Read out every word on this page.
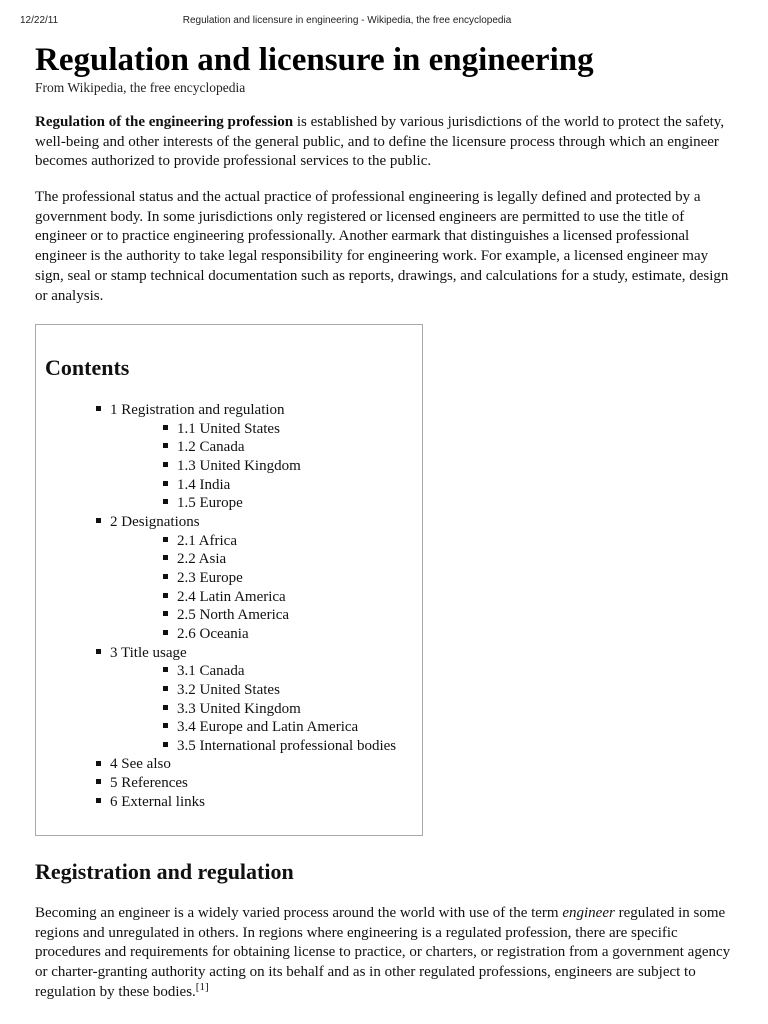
12/22/11	Regulation and licensure in engineering - Wikipedia, the free encyclopedia
Regulation and licensure in engineering
From Wikipedia, the free encyclopedia

Regulation of the engineering profession is established by various jurisdictions of the world to protect the safety, well-being and other interests of the general public, and to define the licensure process through which an engineer becomes authorized to provide professional services to the public.

The professional status and the actual practice of professional engineering is legally defined and protected by a government body. In some jurisdictions only registered or licensed engineers are permitted to use the title of engineer or to practice engineering professionally. Another earmark that distinguishes a licensed professional engineer is the authority to take legal responsibility for engineering work. For example, a licensed engineer may sign, seal or stamp technical documentation such as reports, drawings, and calculations for a study, estimate, design or analysis.

Contents
1 Registration and regulation
1.1 United States
1.2 Canada
1.3 United Kingdom
1.4 India
1.5 Europe
2 Designations
2.1 Africa
2.2 Asia
2.3 Europe
2.4 Latin America
2.5 North America
2.6 Oceania
3 Title usage
3.1 Canada
3.2 United States
3.3 United Kingdom
3.4 Europe and Latin America
3.5 International professional bodies
4 See also
5 References
6 External links
Registration and regulation

Becoming an engineer is a widely varied process around the world with use of the term engineer regulated in some regions and unregulated in others. In regions where engineering is a regulated profession, there are specific procedures and requirements for obtaining license to practice, or charters, or registration from a government agency or charter-granting authority acting on its behalf and as in other regulated professions, engineers are subject to regulation by these bodies.[1]
